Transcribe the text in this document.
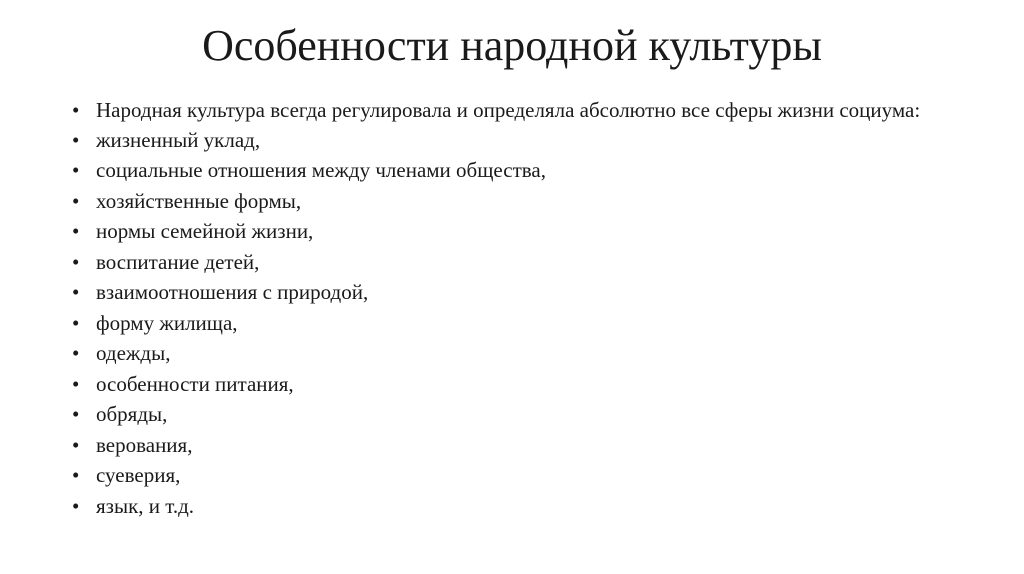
Особенности народной культуры
• Народная культура всегда регулировала и определяла абсолютно все сферы жизни социума:
• жизненный уклад,
• социальные отношения между членами общества,
• хозяйственные формы,
• нормы семейной жизни,
• воспитание детей,
• взаимоотношения с природой,
• форму жилища,
• одежды,
• особенности питания,
• обряды,
• верования,
• суеверия,
• язык, и т.д.
